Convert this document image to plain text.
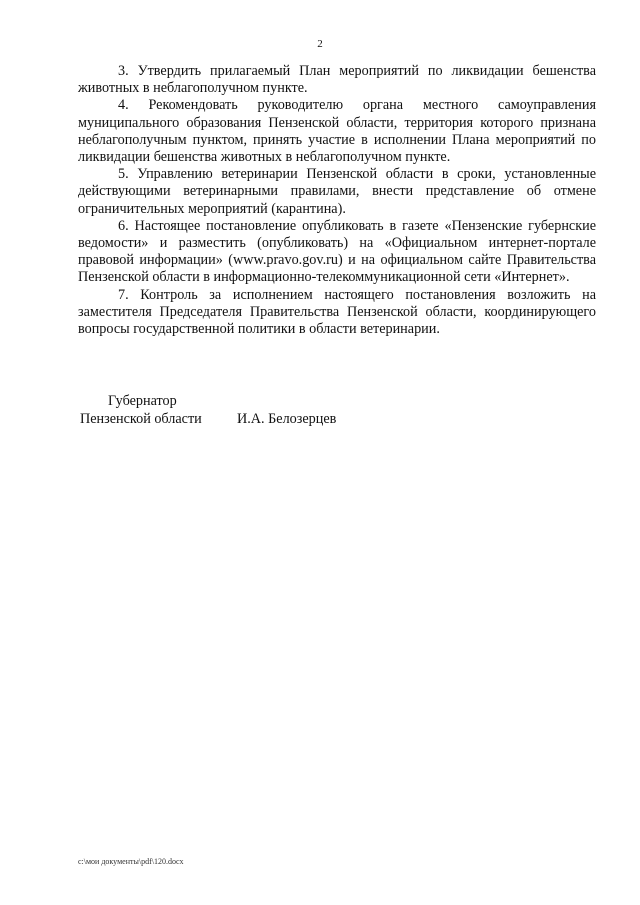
2

3. Утвердить прилагаемый План мероприятий по ликвидации бешенства животных в неблагополучном пункте.

4. Рекомендовать руководителю органа местного самоуправления муниципального образования Пензенской области, территория которого признана неблагополучным пунктом, принять участие в исполнении Плана мероприятий по ликвидации бешенства животных в неблагополучном пункте.

5. Управлению ветеринарии Пензенской области в сроки, установленные действующими ветеринарными правилами, внести представление об отмене ограничительных мероприятий (карантина).

6. Настоящее постановление опубликовать в газете «Пензенские губернские ведомости» и разместить (опубликовать) на «Официальном интернет-портале правовой информации» (www.pravo.gov.ru) и на официальном сайте Правительства Пензенской области в информационно-телекоммуникационной сети «Интернет».

7. Контроль за исполнением настоящего постановления возложить на заместителя Председателя Правительства Пензенской области, координирующего вопросы государственной политики в области ветеринарии.

Губернатор
Пензенской области И.А. Белозерцев
c:\мои документы\pdf\120.docx
